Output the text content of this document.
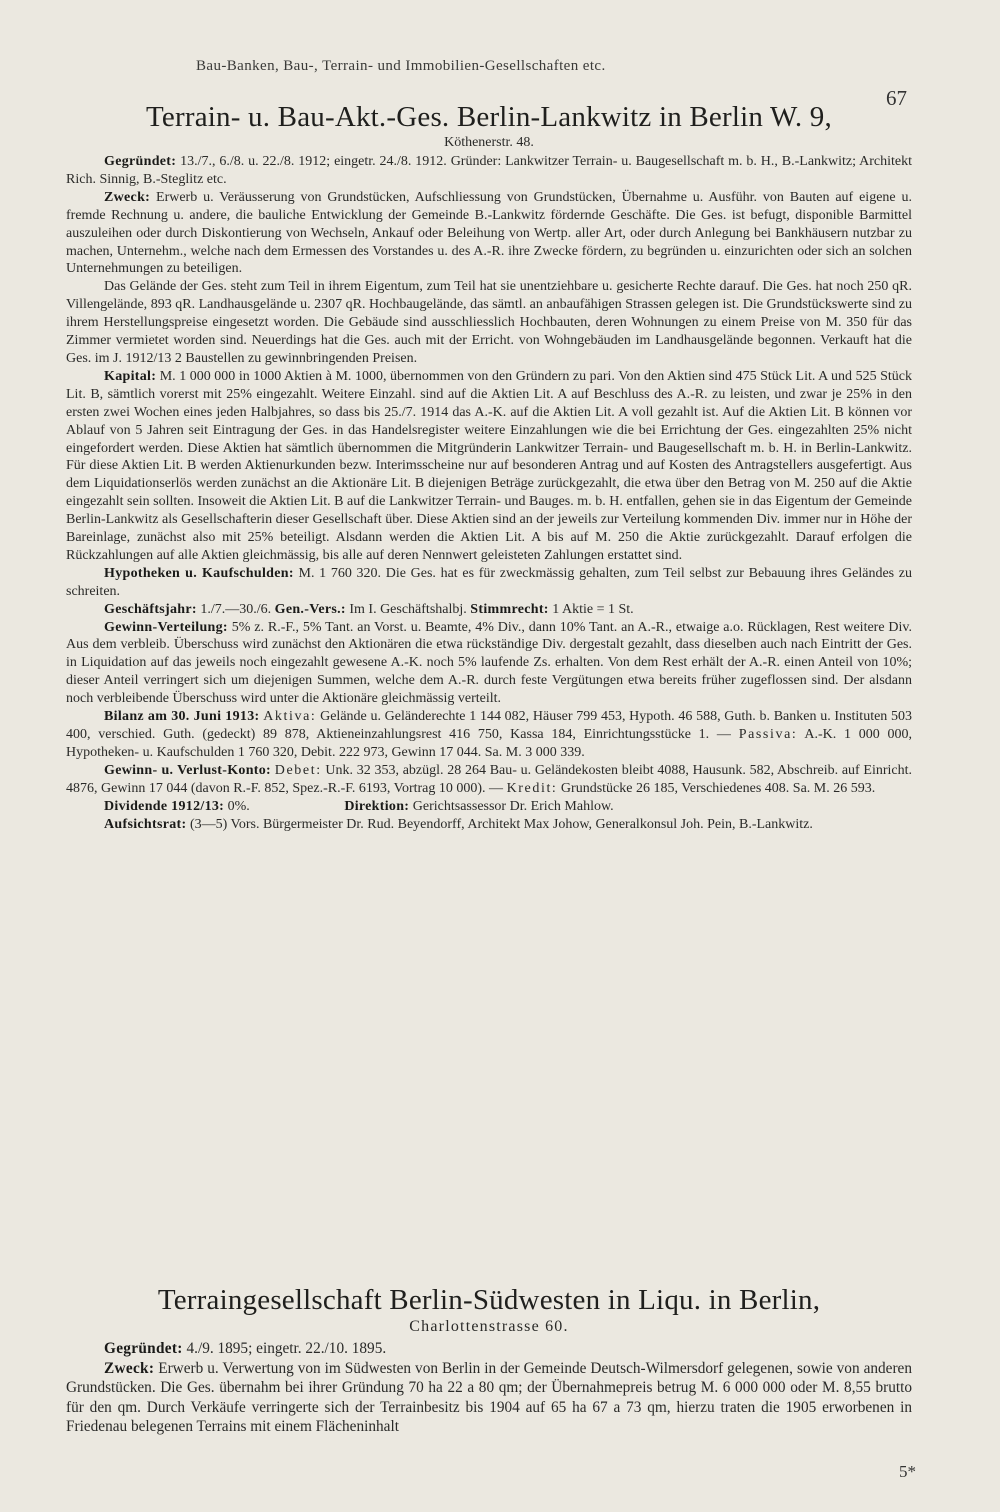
Bau-Banken, Bau-, Terrain- und Immobilien-Gesellschaften etc.
67
Terrain- u. Bau-Akt.-Ges. Berlin-Lankwitz in Berlin W. 9,

Köthenerstr. 48.

Gegründet: 13./7., 6./8. u. 22./8. 1912; eingetr. 24./8. 1912. Gründer: Lankwitzer Terrain- u. Baugesellschaft m. b. H., B.-Lankwitz; Architekt Rich. Sinnig, B.-Steglitz etc.

Zweck: Erwerb u. Veräusserung von Grundstücken, Aufschliessung von Grundstücken, Übernahme u. Ausführ. von Bauten auf eigene u. fremde Rechnung u. andere, die bauliche Entwicklung der Gemeinde B.-Lankwitz fördernde Geschäfte. Die Ges. ist befugt, disponible Barmittel auszuleihen oder durch Diskontierung von Wechseln, Ankauf oder Beleihung von Wertp. aller Art, oder durch Anlegung bei Bankhäusern nutzbar zu machen, Unternehm., welche nach dem Ermessen des Vorstandes u. des A.-R. ihre Zwecke fördern, zu begründen u. einzurichten oder sich an solchen Unternehmungen zu beteiligen.

Das Gelände der Ges. steht zum Teil in ihrem Eigentum, zum Teil hat sie unentziehbare u. gesicherte Rechte darauf. Die Ges. hat noch 250 qR. Villengelände, 893 qR. Landhausgelände u. 2307 qR. Hochbaugelände, das sämtl. an anbaufähigen Strassen gelegen ist. Die Grundstückswerte sind zu ihrem Herstellungspreise eingesetzt worden. Die Gebäude sind ausschliesslich Hochbauten, deren Wohnungen zu einem Preise von M. 350 für das Zimmer vermietet worden sind. Neuerdings hat die Ges. auch mit der Erricht. von Wohngebäuden im Landhausgelände begonnen. Verkauft hat die Ges. im J. 1912/13 2 Baustellen zu gewinnbringenden Preisen.

Kapital: M. 1 000 000 in 1000 Aktien à M. 1000, übernommen von den Gründern zu pari. Von den Aktien sind 475 Stück Lit. A und 525 Stück Lit. B, sämtlich vorerst mit 25% eingezahlt. Weitere Einzahl. sind auf die Aktien Lit. A auf Beschluss des A.-R. zu leisten, und zwar je 25% in den ersten zwei Wochen eines jeden Halbjahres, so dass bis 25./7. 1914 das A.-K. auf die Aktien Lit. A voll gezahlt ist. Auf die Aktien Lit. B können vor Ablauf von 5 Jahren seit Eintragung der Ges. in das Handelsregister weitere Einzahlungen wie die bei Errichtung der Ges. eingezahlten 25% nicht eingefordert werden. Diese Aktien hat sämtlich übernommen die Mitgründerin Lankwitzer Terrain- und Baugesellschaft m. b. H. in Berlin-Lankwitz. Für diese Aktien Lit. B werden Aktienurkunden bezw. Interimsscheine nur auf besonderen Antrag und auf Kosten des Antragstellers ausgefertigt. Aus dem Liquidationserlös werden zunächst an die Aktionäre Lit. B diejenigen Beträge zurückgezahlt, die etwa über den Betrag von M. 250 auf die Aktie eingezahlt sein sollten. Insoweit die Aktien Lit. B auf die Lankwitzer Terrain- und Bauges. m. b. H. entfallen, gehen sie in das Eigentum der Gemeinde Berlin-Lankwitz als Gesellschafterin dieser Gesellschaft über. Diese Aktien sind an der jeweils zur Verteilung kommenden Div. immer nur in Höhe der Bareinlage, zunächst also mit 25% beteiligt. Alsdann werden die Aktien Lit. A bis auf M. 250 die Aktie zurückgezahlt. Darauf erfolgen die Rückzahlungen auf alle Aktien gleichmässig, bis alle auf deren Nennwert geleisteten Zahlungen erstattet sind.

Hypotheken u. Kaufschulden: M. 1 760 320. Die Ges. hat es für zweckmässig gehalten, zum Teil selbst zur Bebauung ihres Geländes zu schreiten.

Geschäftsjahr: 1./7.—30./6. Gen.-Vers.: Im I. Geschäftshalbj. Stimmrecht: 1 Aktie = 1 St.

Gewinn-Verteilung: 5% z. R.-F., 5% Tant. an Vorst. u. Beamte, 4% Div., dann 10% Tant. an A.-R., etwaige a.o. Rücklagen, Rest weitere Div. Aus dem verbleib. Überschuss wird zunächst den Aktionären die etwa rückständige Div. dergestalt gezahlt, dass dieselben auch nach Eintritt der Ges. in Liquidation auf das jeweils noch eingezahlt gewesene A.-K. noch 5% laufende Zs. erhalten. Von dem Rest erhält der A.-R. einen Anteil von 10%; dieser Anteil verringert sich um diejenigen Summen, welche dem A.-R. durch feste Vergütungen etwa bereits früher zugeflossen sind. Der alsdann noch verbleibende Überschuss wird unter die Aktionäre gleichmässig verteilt.

Bilanz am 30. Juni 1913: Aktiva: Gelände u. Geländerechte 1 144 082, Häuser 799 453, Hypoth. 46 588, Guth. b. Banken u. Instituten 503 400, verschied. Guth. (gedeckt) 89 878, Aktieneinzahlungsrest 416 750, Kassa 184, Einrichtungsstücke 1. — Passiva: A.-K. 1 000 000, Hypotheken- u. Kaufschulden 1 760 320, Debit. 222 973, Gewinn 17 044. Sa. M. 3 000 339.

Gewinn- u. Verlust-Konto: Debet: Unk. 32 353, abzügl. 28 264 Bau- u. Geländekosten bleibt 4088, Hausunk. 582, Abschreib. auf Einricht. 4876, Gewinn 17 044 (davon R.-F. 852, Spez.-R.-F. 6193, Vortrag 10 000). — Kredit: Grundstücke 26 185, Verschiedenes 408. Sa. M. 26 593.

Dividende 1912/13: 0%.	Direktion: Gerichtsassessor Dr. Erich Mahlow.

Aufsichtsrat: (3—5) Vors. Bürgermeister Dr. Rud. Beyendorff, Architekt Max Johow, Generalkonsul Joh. Pein, B.-Lankwitz.

Terraingesellschaft Berlin-Südwesten in Liqu. in Berlin,

Charlottenstrasse 60.

Gegründet: 4./9. 1895; eingetr. 22./10. 1895.

Zweck: Erwerb u. Verwertung von im Südwesten von Berlin in der Gemeinde Deutsch-Wilmersdorf gelegenen, sowie von anderen Grundstücken. Die Ges. übernahm bei ihrer Gründung 70 ha 22 a 80 qm; der Übernahmepreis betrug M. 6 000 000 oder M. 8,55 brutto für den qm. Durch Verkäufe verringerte sich der Terrainbesitz bis 1904 auf 65 ha 67 a 73 qm, hierzu traten die 1905 erworbenen in Friedenau belegenen Terrains mit einem Flächeninhalt

5*
